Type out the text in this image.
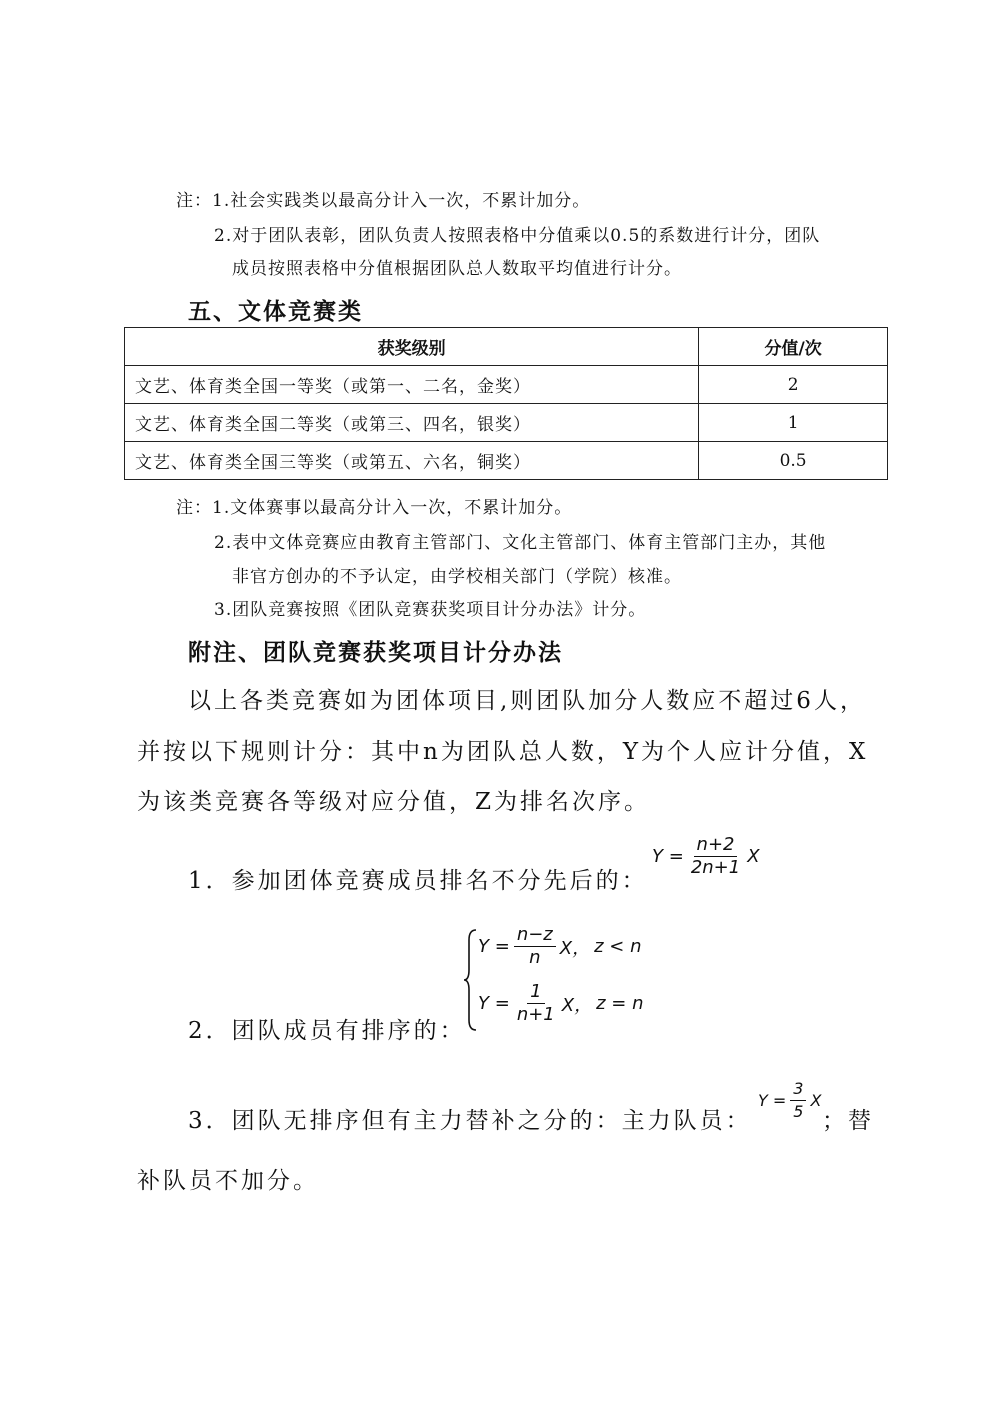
注：1.社会实践类以最高分计入一次，不累计加分。
2.对于团队表彰，团队负责人按照表格中分值乘以0.5的系数进行计分，团队
成员按照表格中分值根据团队总人数取平均值进行计分。
五、文体竞赛类
获奖级别	分值/次
文艺、体育类全国一等奖（或第一、二名，金奖）	2
文艺、体育类全国二等奖（或第三、四名，银奖）	1
文艺、体育类全国三等奖（或第五、六名，铜奖）	0.5
注：1.文体赛事以最高分计入一次，不累计加分。
2.表中文体竞赛应由教育主管部门、文化主管部门、体育主管部门主办，其他
非官方创办的不予认定，由学校相关部门（学院）核准。
3.团队竞赛按照《团队竞赛获奖项目计分办法》计分。
附注、团队竞赛获奖项目计分办法
以上各类竞赛如为团体项目,则团队加分人数应不超过6人，
并按以下规则计分：其中n为团队总人数，Y为个人应计分值，X
为该类竞赛各等级对应分值，Z为排名次序。
1．参加团体竞赛成员排名不分先后的：
$Y = \frac{n+2}{2n+1}$ X
2．团队成员有排序的：
$Y = \frac{n-z}{n}$ X， z < n
$Y = \frac{1}{n+1}$ X， z = n
3．团队无排序但有主力替补之分的：主力队员：
$Y = \frac{3}{5}$ X
；替
补队员不加分。
